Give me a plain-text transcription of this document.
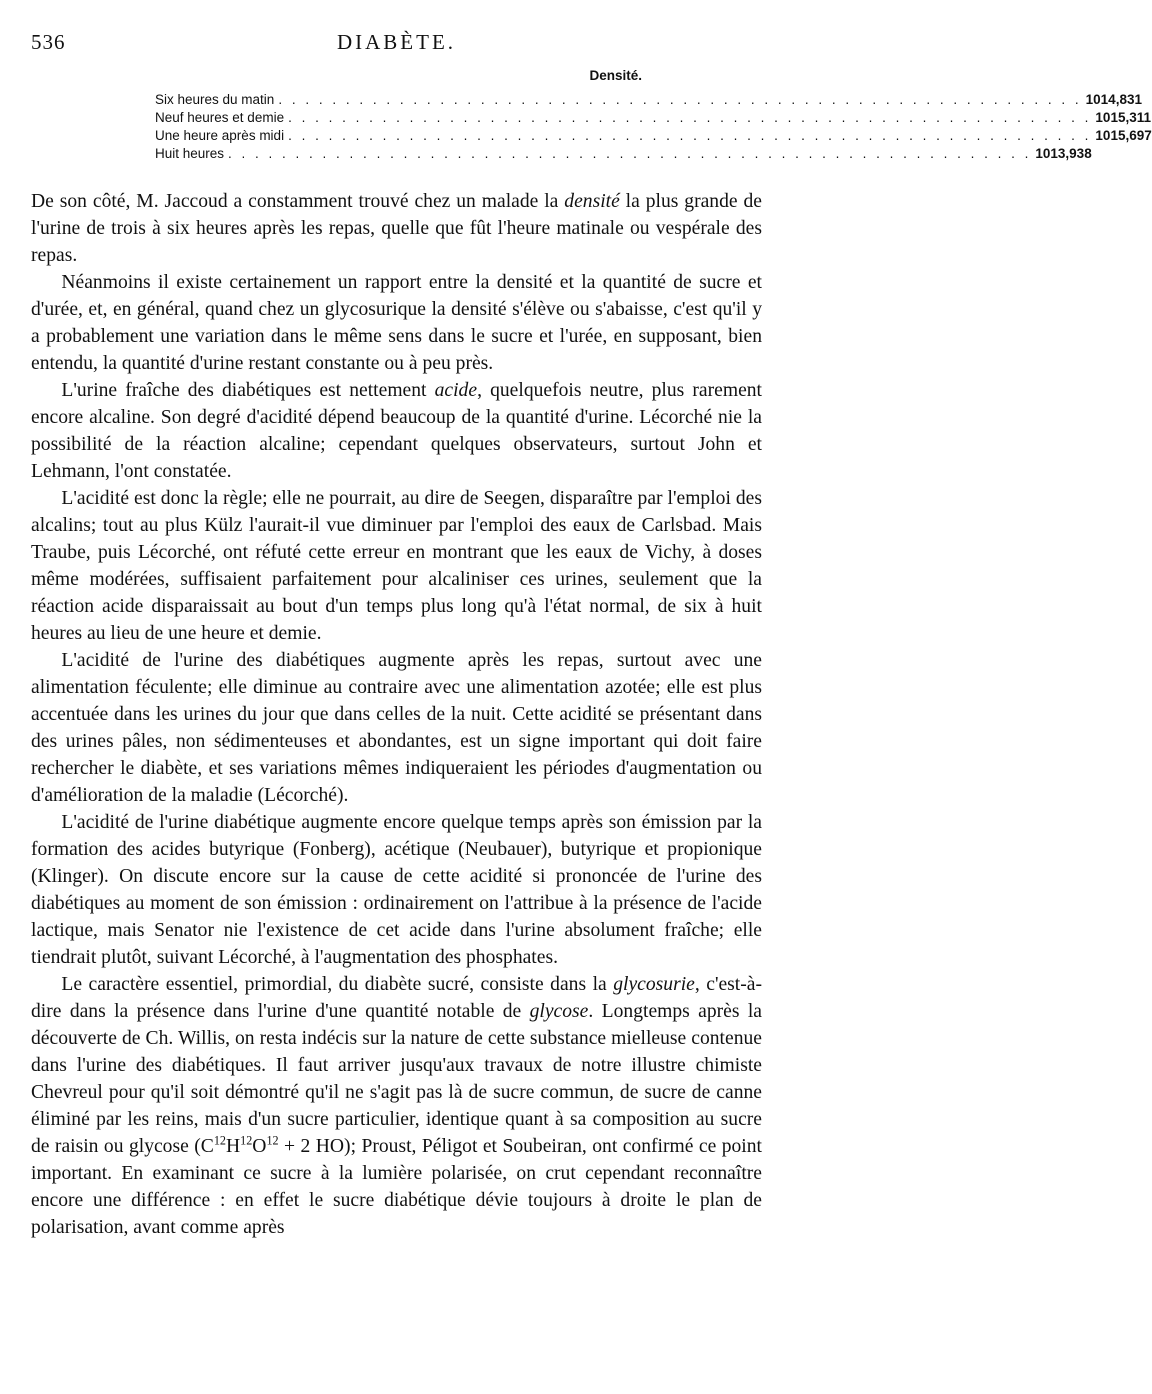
536	DIABÈTE.
Densité.
Six heures du matin . . . . . . . . . . . . . . . . . . . . . . . . . . . . . . . . . . . . . . . . . . . . . . . . . . . . . . . . . . . . 1014,831
Neuf heures et demie . . . . . . . . . . . . . . . . . . . . . . . . . . . . . . . . . . . . . . . . . . . . . . . . . . . . . . . . . . . . 1015,311
Une heure après midi . . . . . . . . . . . . . . . . . . . . . . . . . . . . . . . . . . . . . . . . . . . . . . . . . . . . . . . . . . . . 1015,697
Huit heures . . . . . . . . . . . . . . . . . . . . . . . . . . . . . . . . . . . . . . . . . . . . . . . . . . . . . . . . . . . . 1013,938

De son côté, M. Jaccoud a constamment trouvé chez un malade la densité la plus grande de l'urine de trois à six heures après les repas, quelle que fût l'heure matinale ou vespérale des repas.

Néanmoins il existe certainement un rapport entre la densité et la quantité de sucre et d'urée, et, en général, quand chez un glycosurique la densité s'élève ou s'abaisse, c'est qu'il y a probablement une variation dans le même sens dans le sucre et l'urée, en supposant, bien entendu, la quantité d'urine restant constante ou à peu près.

L'urine fraîche des diabétiques est nettement acide, quelquefois neutre, plus rarement encore alcaline. Son degré d'acidité dépend beaucoup de la quantité d'urine. Lécorché nie la possibilité de la réaction alcaline; cependant quelques observateurs, surtout John et Lehmann, l'ont constatée.

L'acidité est donc la règle; elle ne pourrait, au dire de Seegen, disparaître par l'emploi des alcalins; tout au plus Külz l'aurait-il vue diminuer par l'emploi des eaux de Carlsbad. Mais Traube, puis Lécorché, ont réfuté cette erreur en montrant que les eaux de Vichy, à doses même modérées, suffisaient parfaitement pour alcaliniser ces urines, seulement que la réaction acide disparaissait au bout d'un temps plus long qu'à l'état normal, de six à huit heures au lieu de une heure et demie.

L'acidité de l'urine des diabétiques augmente après les repas, surtout avec une alimentation féculente; elle diminue au contraire avec une alimentation azotée; elle est plus accentuée dans les urines du jour que dans celles de la nuit. Cette acidité se présentant dans des urines pâles, non sédimenteuses et abondantes, est un signe important qui doit faire rechercher le diabète, et ses variations mêmes indiqueraient les périodes d'augmentation ou d'amélioration de la maladie (Lécorché).

L'acidité de l'urine diabétique augmente encore quelque temps après son émission par la formation des acides butyrique (Fonberg), acétique (Neubauer), butyrique et propionique (Klinger). On discute encore sur la cause de cette acidité si prononcée de l'urine des diabétiques au moment de son émission : ordinairement on l'attribue à la présence de l'acide lactique, mais Senator nie l'existence de cet acide dans l'urine absolument fraîche; elle tiendrait plutôt, suivant Lécorché, à l'augmentation des phosphates.

Le caractère essentiel, primordial, du diabète sucré, consiste dans la glycosurie, c'est-à-dire dans la présence dans l'urine d'une quantité notable de glycose. Longtemps après la découverte de Ch. Willis, on resta indécis sur la nature de cette substance mielleuse contenue dans l'urine des diabétiques. Il faut arriver jusqu'aux travaux de notre illustre chimiste Chevreul pour qu'il soit démontré qu'il ne s'agit pas là de sucre commun, de sucre de canne éliminé par les reins, mais d'un sucre particulier, identique quant à sa composition au sucre de raisin ou glycose ($C^{12}H^{12}O^{12} + 2$ HO); Proust, Péligot et Soubeiran, ont confirmé ce point important. En examinant ce sucre à la lumière polarisée, on crut cependant reconnaître encore une différence : en effet le sucre diabétique dévie toujours à droite le plan de polarisation, avant comme après
